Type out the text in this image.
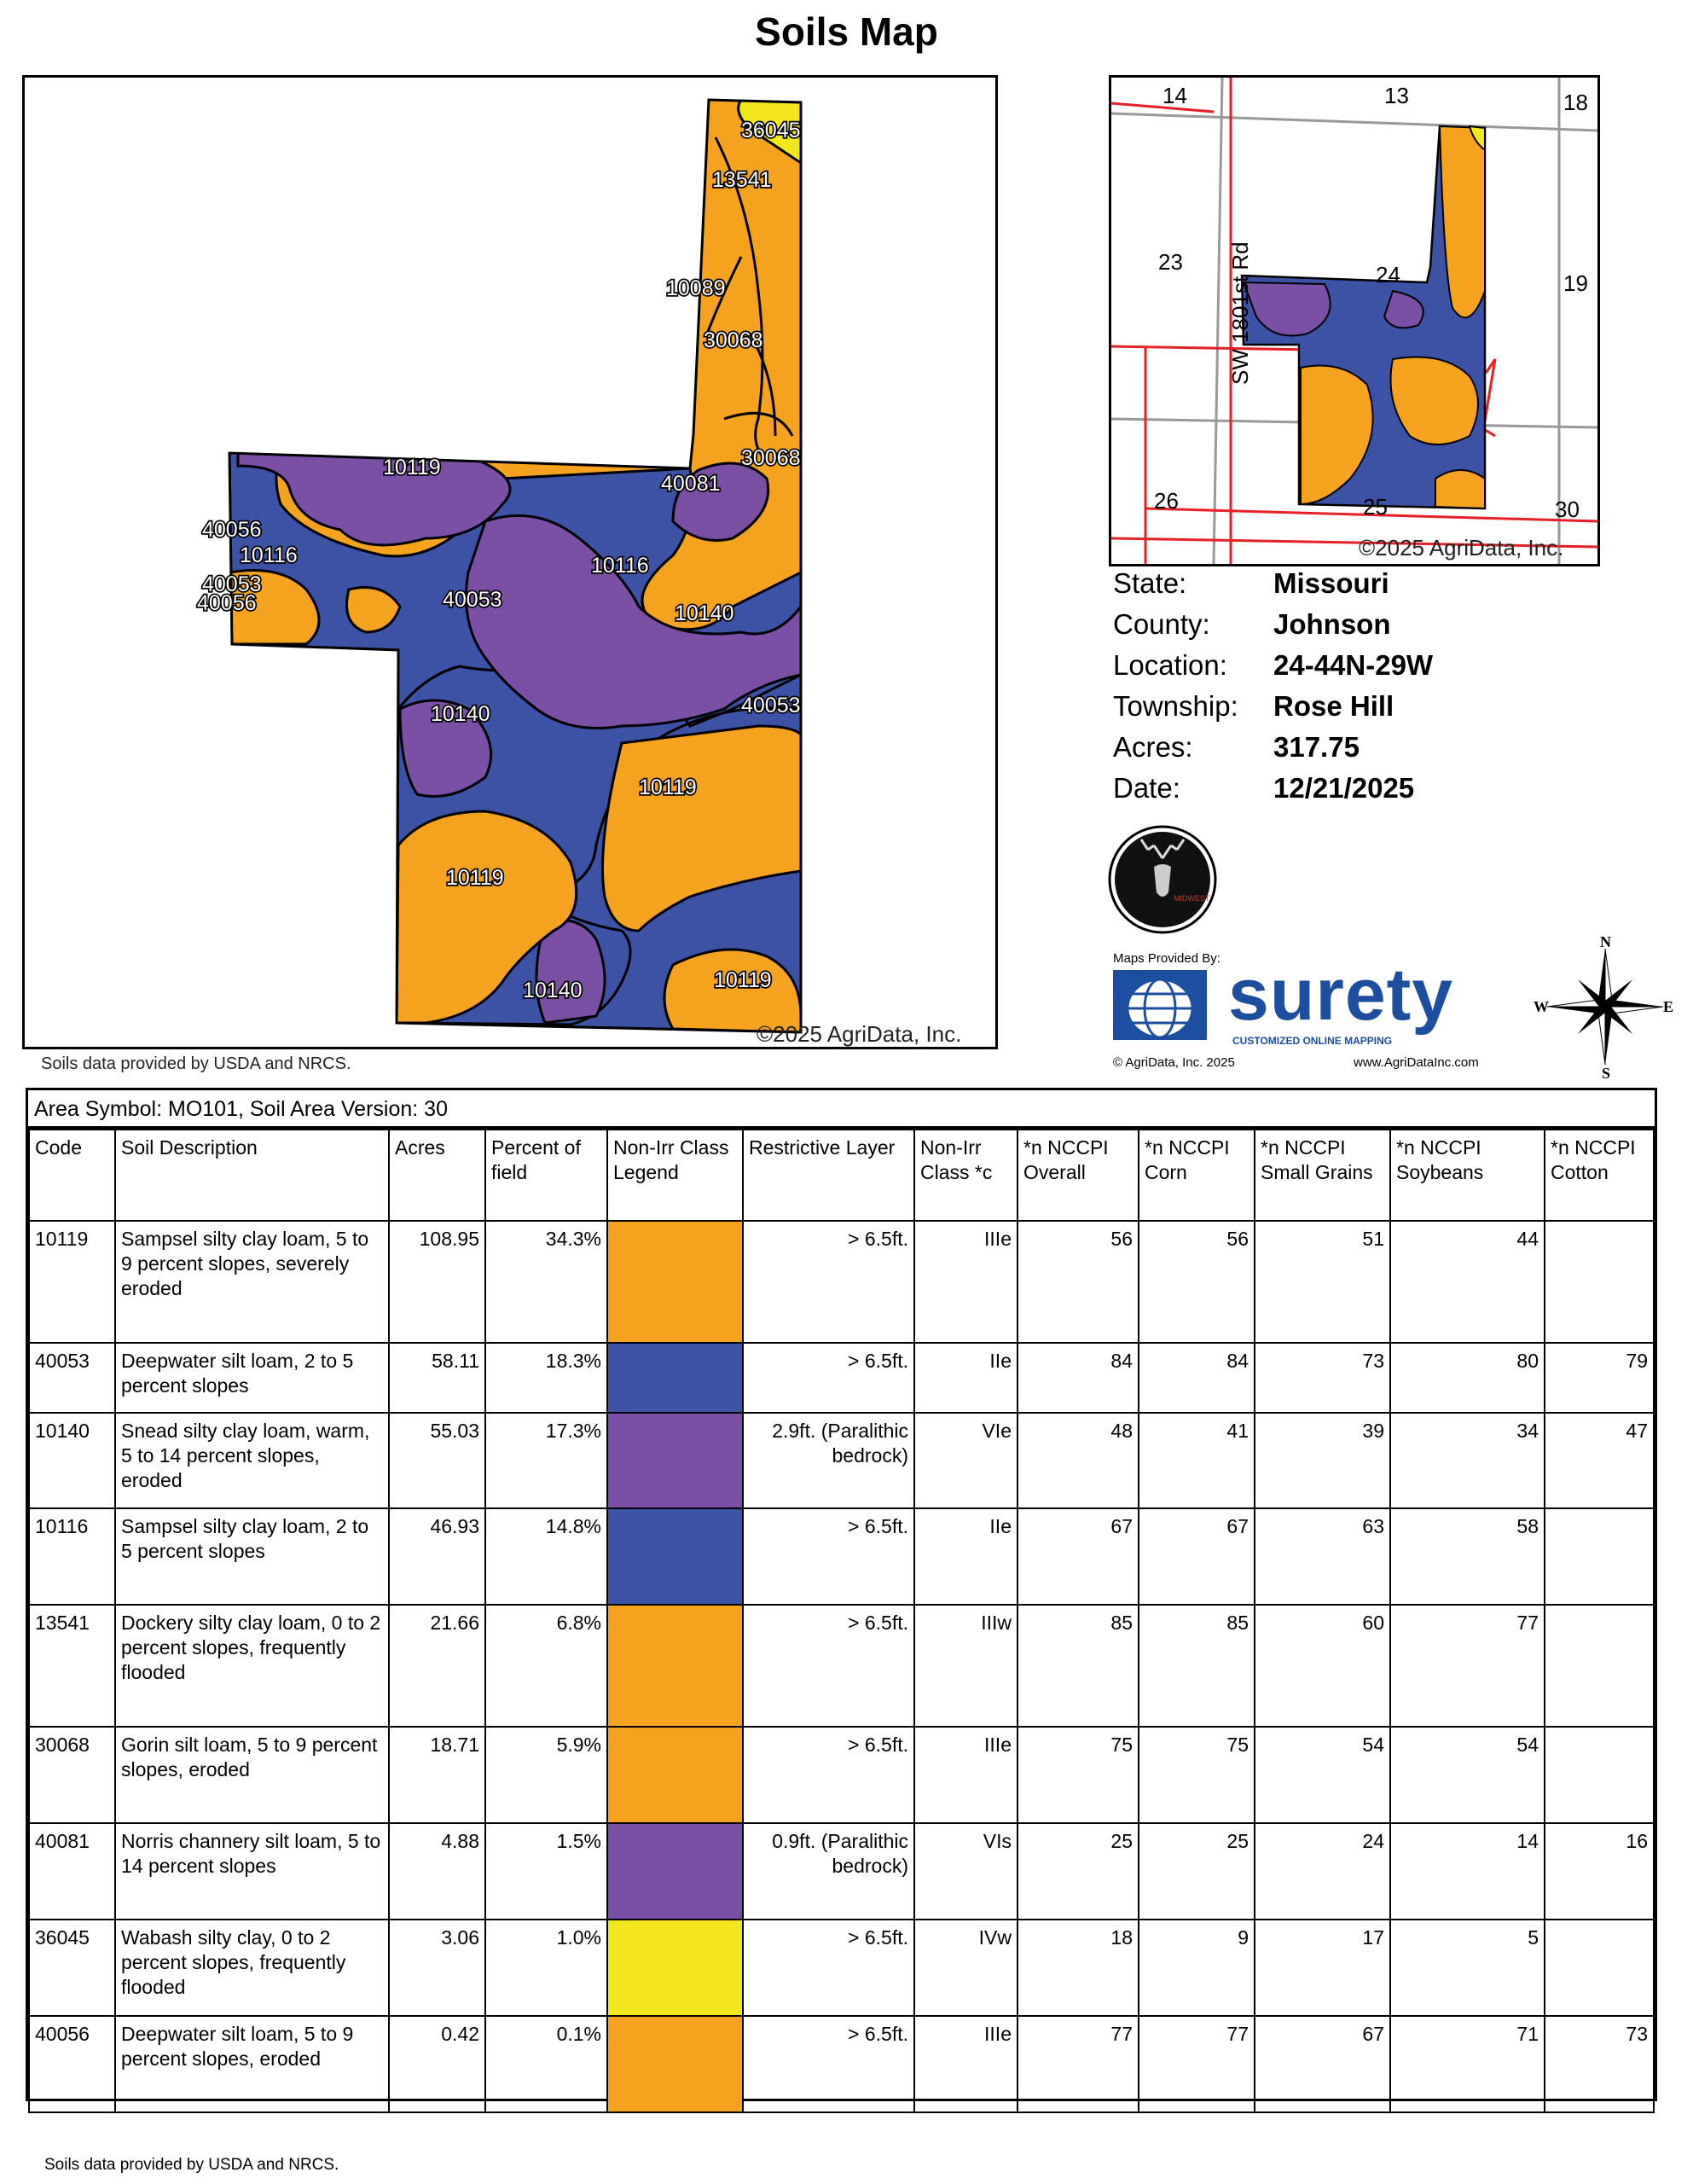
Soils Map
36045
13541
10089
30068
30068
10119
40081
40056
10116
40053
40056	40053
10116
10140
40053
10140
10119
10119
10140	10119
©2025 AgriData, Inc.
Soils data provided by USDA and NRCS.
14	13	18
23	24	19
26	25	30
SW 1801st Rd
©2025 AgriData, Inc.
State:	Missouri
County: Johnson
Location: 24-44N-29W
Township: Rose Hill
Acres:	317.75
Date:	12/21/2025
MIDWEST
Maps Provided By: surety
CUSTOMIZED ONLINE MAPPING
© AgriData, Inc. 2025	www.AgriDataInc.com
N
S
E
W
Area Symbol: MO101, Soil Area Version: 30
Code	Soil Description	Acres	Percent of field	Non-Irr Class Legend	Restrictive Layer	Non-Irr Class *c	*n NCCPI Overall	*n NCCPI Corn	*n NCCPI Small Grains	*n NCCPI Soybeans	*n NCCPI Cotton
10119	Sampsel silty clay loam, 5 to 9 percent slopes, severely eroded	108.95	34.3%		> 6.5ft.	IIIe	56	56	51	44	
40053	Deepwater silt loam, 2 to 5 percent slopes	58.11	18.3%		> 6.5ft.	IIe	84	84	73	80	79
10140	Snead silty clay loam, warm, 5 to 14 percent slopes, eroded	55.03	17.3%		2.9ft. (Paralithic bedrock)	VIe	48	41	39	34	47
10116	Sampsel silty clay loam, 2 to 5 percent slopes	46.93	14.8%		> 6.5ft.	IIe	67	67	63	58	
13541	Dockery silty clay loam, 0 to 2 percent slopes, frequently flooded	21.66	6.8%		> 6.5ft.	IIIw	85	85	60	77	
30068	Gorin silt loam, 5 to 9 percent slopes, eroded	18.71	5.9%		> 6.5ft.	IIIe	75	75	54	54	
40081	Norris channery silt loam, 5 to 14 percent slopes	4.88	1.5%		0.9ft. (Paralithic bedrock)	VIs	25	25	24	14	16
36045	Wabash silty clay, 0 to 2 percent slopes, frequently flooded	3.06	1.0%		> 6.5ft.	IVw	18	9	17	5	
40056	Deepwater silt loam, 5 to 9 percent slopes, eroded	0.42	0.1%		> 6.5ft.	IIIe	77	77	67	71	73
Soils data provided by USDA and NRCS.
